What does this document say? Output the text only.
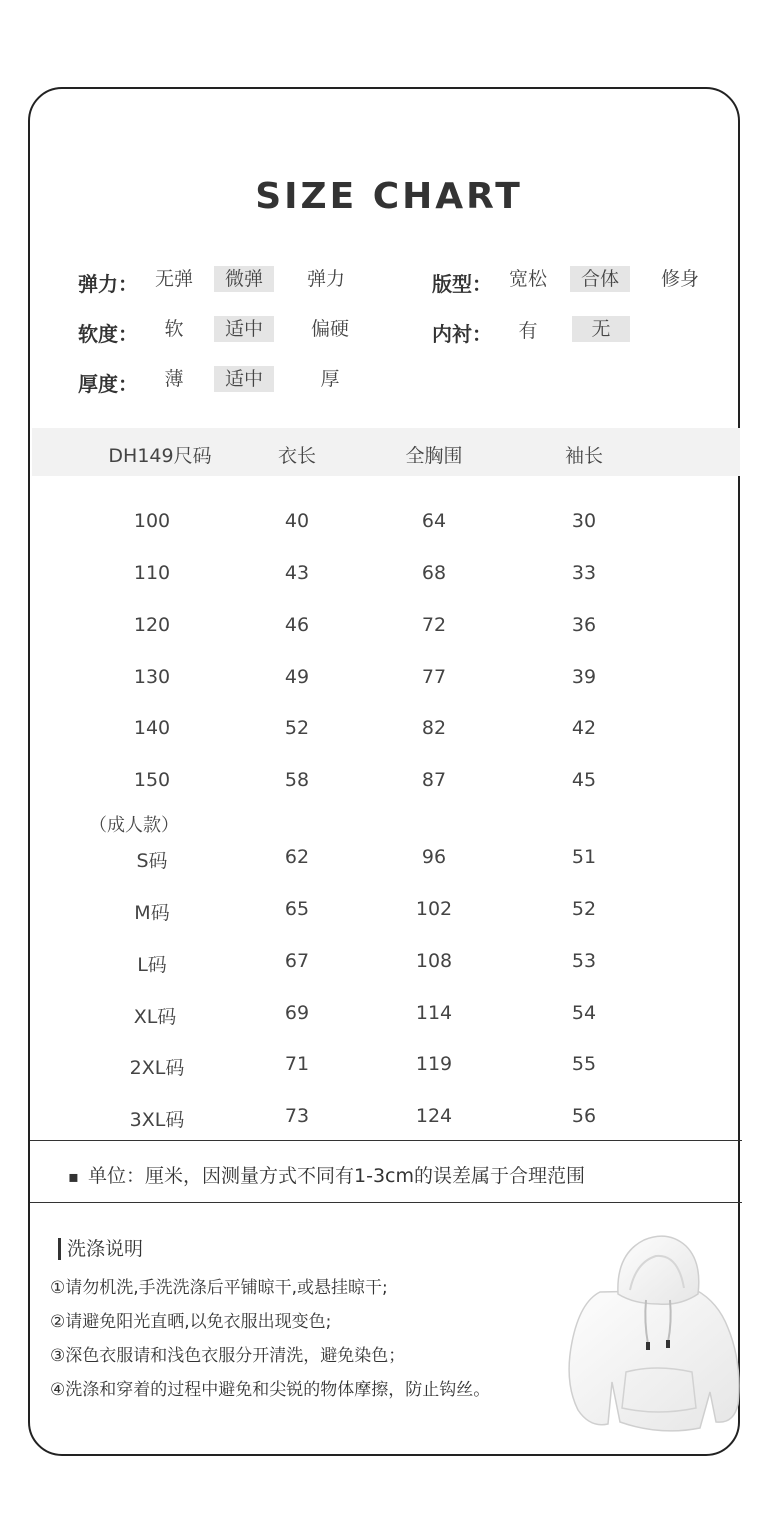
SIZE CHART
弹力： 无弹	微弹	弹力	版型： 宽松	合体	修身
软度：	软	适中	偏硬	内衬：	有	无
厚度：	薄	适中	厚
DH149尺码	衣长	全胸围	袖长
100	40	64	30
110	43	68	33
120	46	72	36
130	49	77	39
140	52	82	42
150	58	87	45
（成人款）
S码	62	96	51
M码	65	102	52
L码	67	108	53
XL码	69	114	54
2XL码	71	119	55
3XL码	73	124	56
▪ 单位：厘米，因测量方式不同有1-3cm的误差属于合理范围
洗涤说明
①请勿机洗,手洗洗涤后平铺晾干,或悬挂晾干;
②请避免阳光直晒,以免衣服出现变色;
③深色衣服请和浅色衣服分开清洗，避免染色；
④洗涤和穿着的过程中避免和尖锐的物体摩擦，防止钩丝。
